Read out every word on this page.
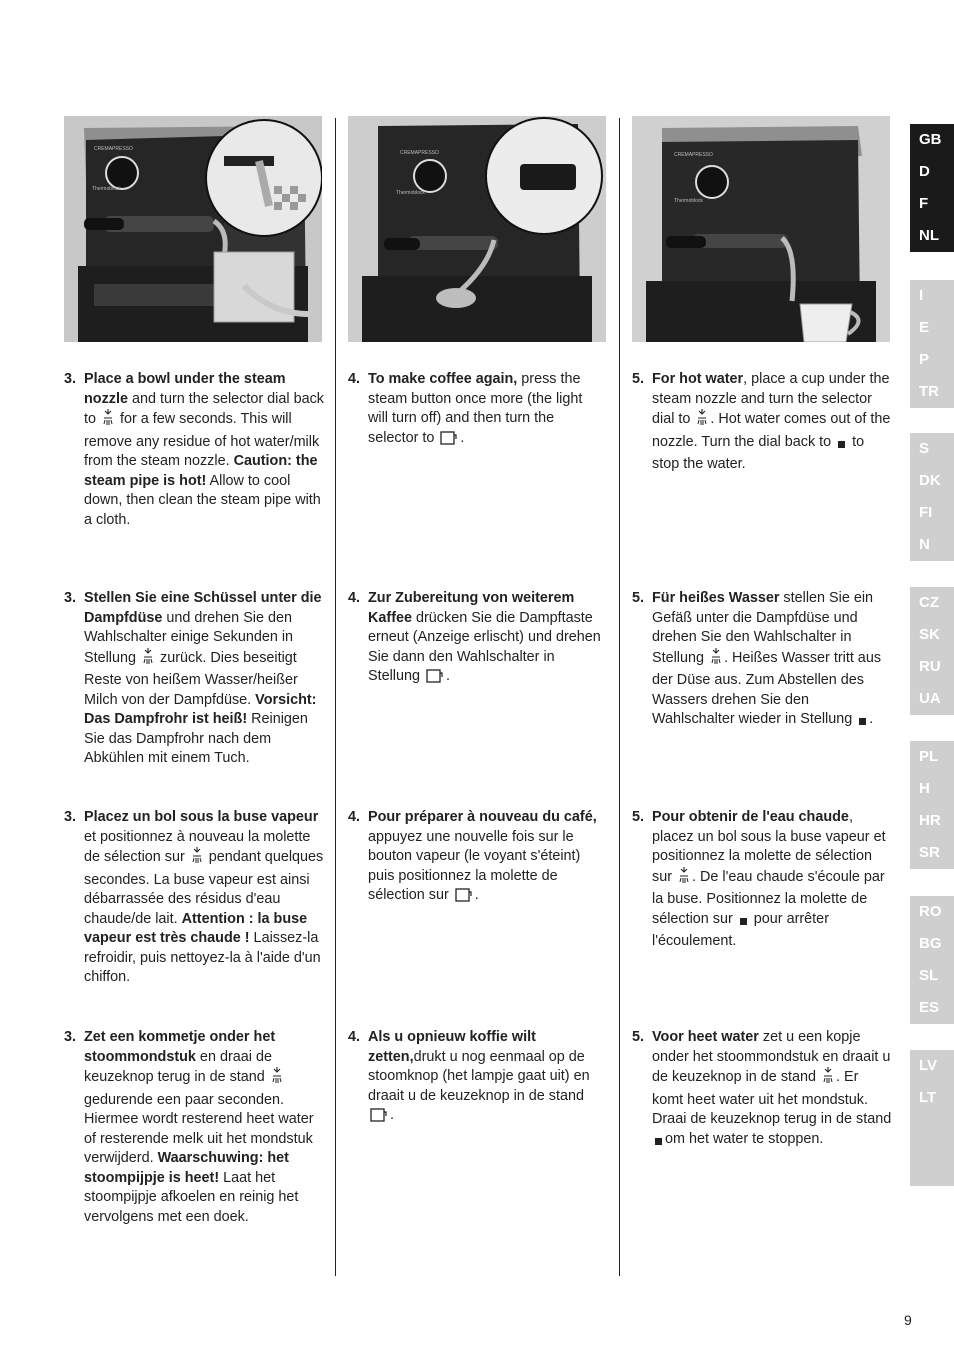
CREMAPRESSO
Thermoblock
CREMAPRESSO
Thermoblock
CREMAPRESSO
Thermoblock
3. Place a bowl under the steam nozzle and turn the selector dial back to  for a few seconds. This will remove any residue of hot water/milk from the steam nozzle. Caution: the steam pipe is hot! Allow to cool down, then clean the steam pipe with a cloth.
4. To make coffee again, press the steam button once more (the light will turn off) and then turn the selector to .
5. For hot water, place a cup under the steam nozzle and turn the selector dial to . Hot water comes out of the nozzle. Turn the dial back to  to stop the water.
3. Stellen Sie eine Schüssel unter die Dampfdüse und drehen Sie den Wahlschalter einige Sekunden in Stellung  zurück. Dies beseitigt Reste von heißem Wasser/heißer Milch von der Dampfdüse. Vorsicht: Das Dampfrohr ist heiß! Reinigen Sie das Dampfrohr nach dem Abkühlen mit einem Tuch.
4. Zur Zubereitung von weiterem Kaffee drücken Sie die Dampftaste erneut (Anzeige erlischt) und drehen Sie dann den Wahlschalter in Stellung .
5. Für heißes Wasser stellen Sie ein Gefäß unter die Dampfdüse und drehen Sie den Wahlschalter in Stellung . Heißes Wasser tritt aus der Düse aus. Zum Abstellen des Wassers drehen Sie den Wahlschalter wieder in Stellung .
3. Placez un bol sous la buse vapeur et positionnez à nouveau la molette de sélection sur  pendant quelques secondes. La buse vapeur est ainsi débarrassée des résidus d'eau chaude/de lait. Attention : la buse vapeur est très chaude ! Laissez-la refroidir, puis nettoyez-la à l'aide d'un chiffon.
4. Pour préparer à nouveau du café, appuyez une nouvelle fois sur le bouton vapeur (le voyant s'éteint) puis positionnez la molette de sélection sur .
5. Pour obtenir de l'eau chaude, placez un bol sous la buse vapeur et positionnez la molette de sélection sur . De l'eau chaude s'écoule par la buse. Positionnez la molette de sélection sur  pour arrêter l'écoulement.
3. Zet een kommetje onder het stoommondstuk en draai de keuzeknop terug in de stand  gedurende een paar seconden. Hiermee wordt resterend heet water of resterende melk uit het mondstuk verwijderd. Waarschuwing: het stoompijpje is heet! Laat het stoompijpje afkoelen en reinig het vervolgens met een doek.
4. Als u opnieuw koffie wilt zetten,drukt u nog eenmaal op de stoomknop (het lampje gaat uit) en draait u de keuzeknop in de stand .
5. Voor heet water zet u een kopje onder het stoommondstuk en draait u de keuzeknop in de stand . Er komt heet water uit het mondstuk. Draai de keuzeknop terug in de stand om het water te stoppen.
GB
D
F
NL
I
E
P
TR
S
DK
FI
N
CZ
SK
RU
UA
PL
H
HR
SR
RO
BG
SL
ES
LV
LT
9
